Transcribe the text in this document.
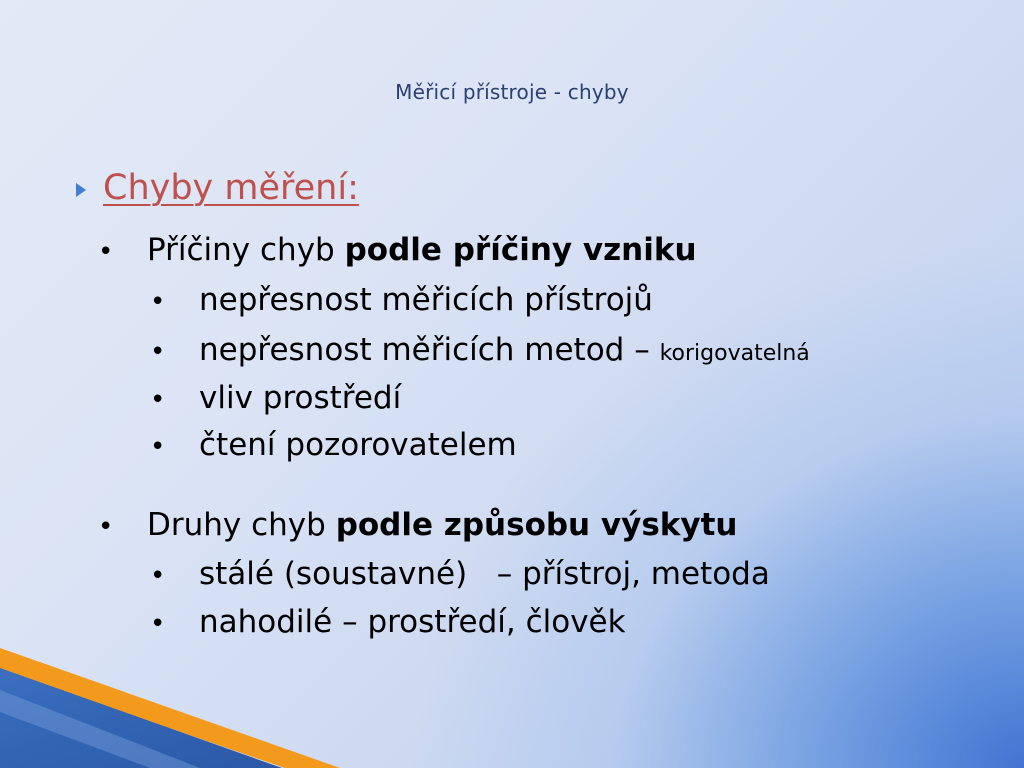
Měřicí přístroje - chyby
Chyby měření:
•	Příčiny chyb podle příčiny vzniku
•	nepřesnost měřicích přístrojů
•	nepřesnost měřicích metod – korigovatelná
•	vliv prostředí
•	čtení pozorovatelem
•	Druhy chyb podle způsobu výskytu
•	stálé (soustavné)   – přístroj, metoda
•	nahodilé – prostředí, člověk
